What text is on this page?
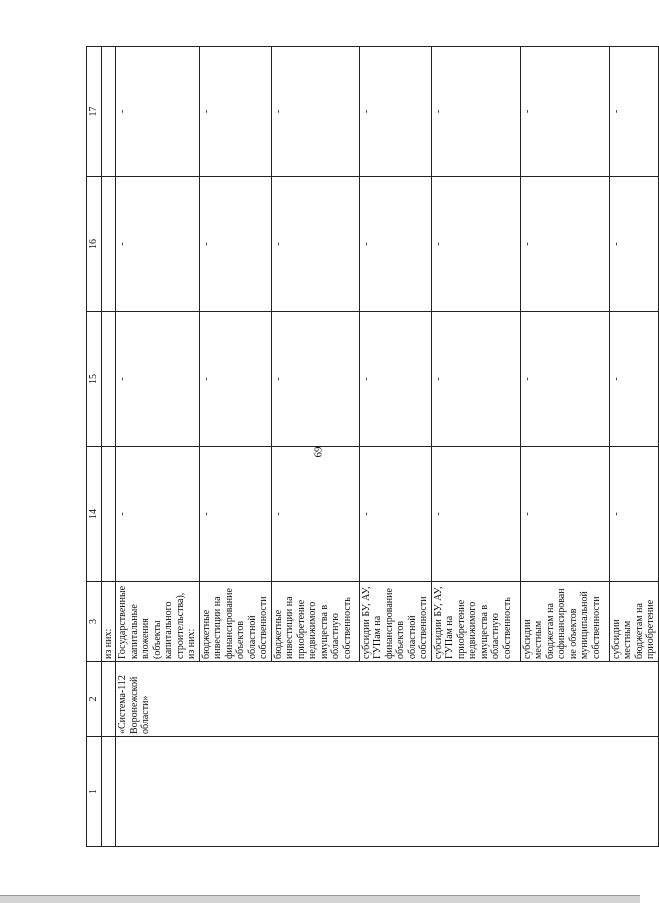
69
1	2	3	14	15	16	17
		из них:				
	«Система-112 Воронежской области»	Государственные капитальные вложения (объекты капитального строительства), из них:	-	-	-	-
		бюджетные инвестиции на финансирование объектов областной собственности	-	-	-	-
		бюджетные инвестиции на приобретение недвижимого имущества в областную собственность	-	-	-	-
		субсидии БУ, АУ, ГУПам на финансирование объектов областной собственности	-	-	-	-
		субсидии БУ, АУ, ГУПам на приобретение недвижимого имущества в областную собственность	-	-	-	-
		субсидии местным бюджетам на софинансирование объектов муниципальной собственности	-	-	-	-
		субсидии местным бюджетам на приобретение	-	-	-	-
